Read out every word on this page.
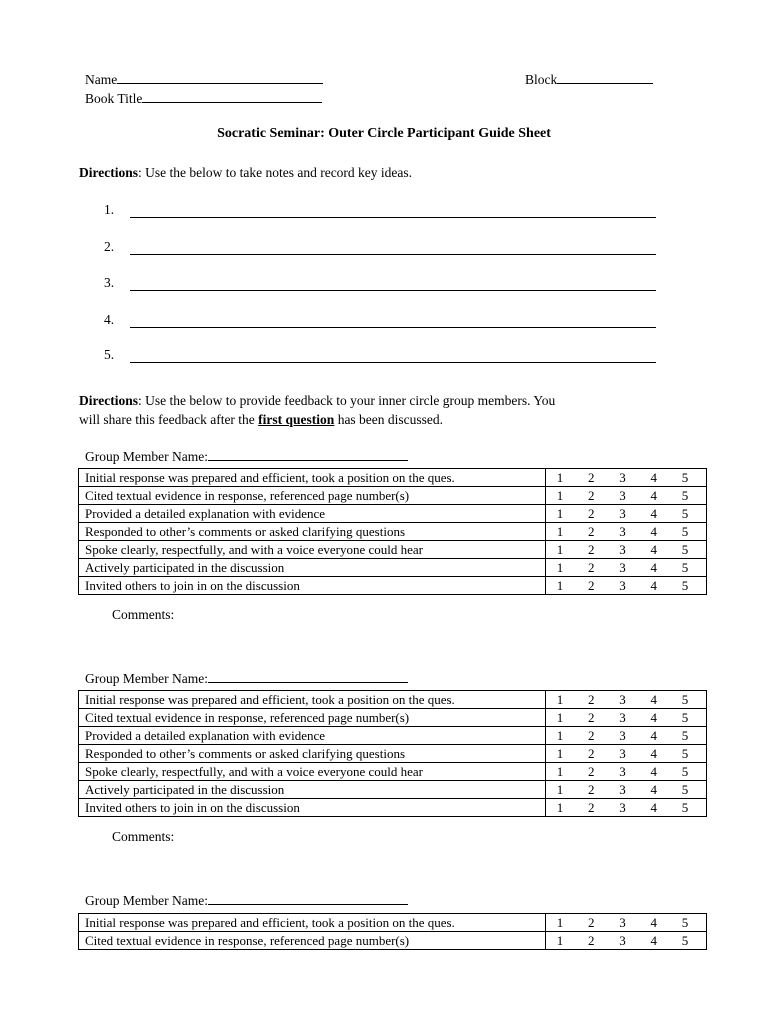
Name	Block
Book Title
Socratic Seminar: Outer Circle Participant Guide Sheet
Directions: Use the below to take notes and record key ideas.
1.
2.
3.
4.
5.
Directions: Use the below to provide feedback to your inner circle group members. You
will share this feedback after the first question has been discussed.
Group Member Name:
Initial response was prepared and efficient, took a position on the ques.	1 2 3 4 5

Cited textual evidence in response, referenced page number(s)	1 2 3 4 5

Provided a detailed explanation with evidence	1 2 3 4 5

Responded to other’s comments or asked clarifying questions	1 2 3 4 5

Spoke clearly, respectfully, and with a voice everyone could hear	1 2 3 4 5

Actively participated in the discussion	1 2 3 4 5

Invited others to join in on the discussion	1 2 3 4 5
Comments:
Group Member Name:
Initial response was prepared and efficient, took a position on the ques.	1 2 3 4 5

Cited textual evidence in response, referenced page number(s)	1 2 3 4 5

Provided a detailed explanation with evidence	1 2 3 4 5

Responded to other’s comments or asked clarifying questions	1 2 3 4 5

Spoke clearly, respectfully, and with a voice everyone could hear	1 2 3 4 5

Actively participated in the discussion	1 2 3 4 5

Invited others to join in on the discussion	1 2 3 4 5
Comments:
Group Member Name:
Initial response was prepared and efficient, took a position on the ques.	1 2 3 4 5

Cited textual evidence in response, referenced page number(s)	1 2 3 4 5
